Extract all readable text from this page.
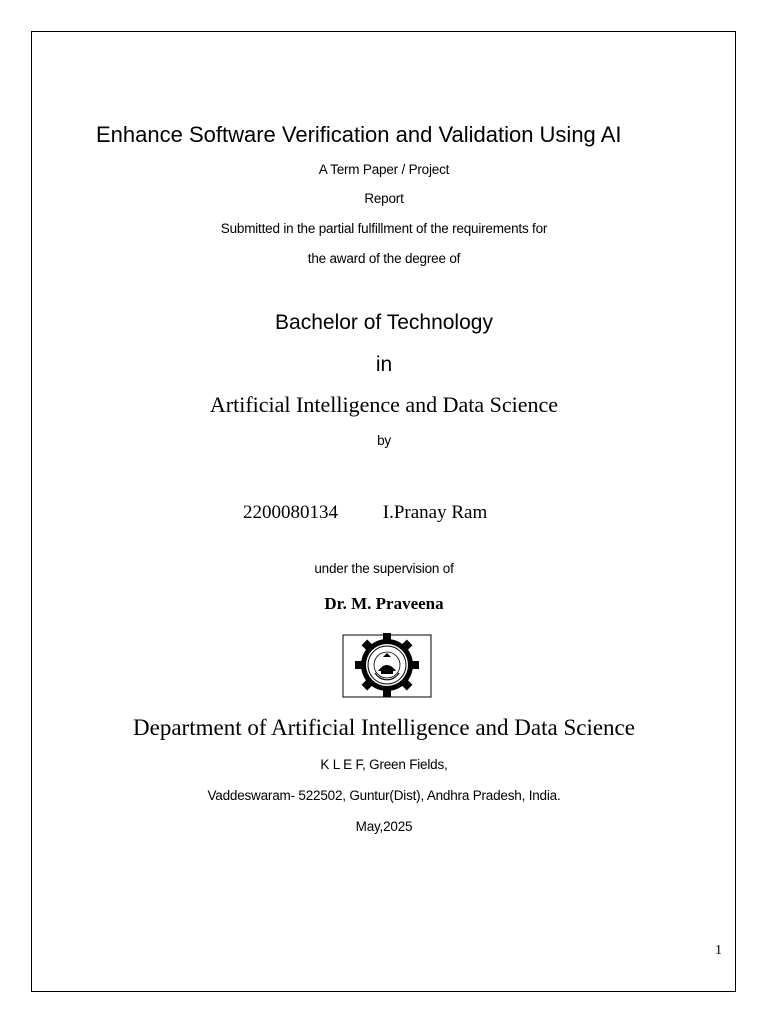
Enhance Software Verification and Validation Using AI
A Term Paper / Project
Report
Submitted in the partial fulfillment of the requirements for
the award of the degree of
Bachelor of Technology
in
Artificial Intelligence and Data Science
by
2200080134 I.Pranay Ram
under the supervision of
Dr. M. Praveena
Department of Artificial Intelligence and Data Science
K L E F, Green Fields,
Vaddeswaram- 522502, Guntur(Dist), Andhra Pradesh, India.
May,2025
1
